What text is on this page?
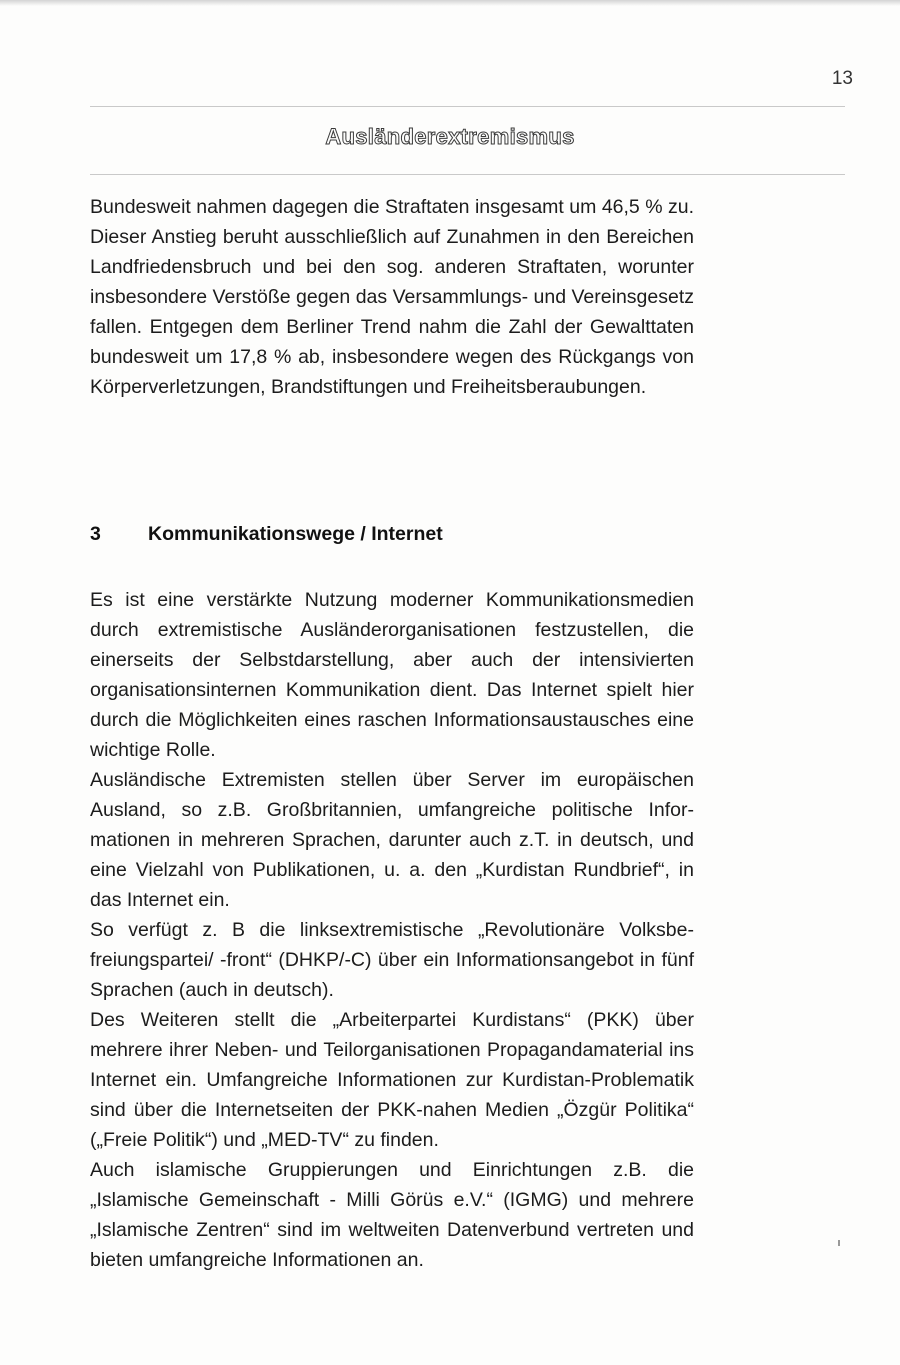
13
Ausländerextremismus

Bundesweit nahmen dagegen die Straftaten insgesamt um 46,5 % zu. Dieser Anstieg beruht ausschließlich auf Zunahmen in den Bereichen Landfriedensbruch und bei den sog. anderen Straftaten, worunter insbesondere Verstöße gegen das Versammlungs- und Vereinsgesetz fallen. Entgegen dem Berliner Trend nahm die Zahl der Gewalttaten bundesweit um 17,8 % ab, insbesondere wegen des Rückgangs von Körperverletzungen, Brandstiftungen und Freiheitsberaubungen.

3 Kommunikationswege / Internet

Es ist eine verstärkte Nutzung moderner Kommunikationsmedien durch extremistische Ausländerorganisationen festzustellen, die einerseits der Selbstdarstellung, aber auch der intensivierten organisationsinternen Kommunikation dient. Das Internet spielt hier durch die Möglichkeiten eines raschen Informationsaustausches eine wichtige Rolle.

Ausländische Extremisten stellen über Server im europäischen Ausland, so z.B. Großbritannien, umfangreiche politische Informationen in mehreren Sprachen, darunter auch z.T. in deutsch, und eine Vielzahl von Publikationen, u. a. den „Kurdistan Rundbrief“, in das Internet ein.

So verfügt z. B die linksextremistische „Revolutionäre Volksbefreiungspartei/ -front“ (DHKP/-C) über ein Informationsangebot in fünf Sprachen (auch in deutsch).

Des Weiteren stellt die „Arbeiterpartei Kurdistans“ (PKK) über mehrere ihrer Neben- und Teilorganisationen Propagandamaterial ins Internet ein. Umfangreiche Informationen zur Kurdistan-Problematik sind über die Internetseiten der PKK-nahen Medien „Özgür Politika“ („Freie Politik“) und „MED-TV“ zu finden.

Auch islamische Gruppierungen und Einrichtungen z.B. die „Islamische Gemeinschaft - Milli Görüs e.V.“ (IGMG) und mehrere „Islamische Zentren“ sind im weltweiten Datenverbund vertreten und bieten umfangreiche Informationen an.
